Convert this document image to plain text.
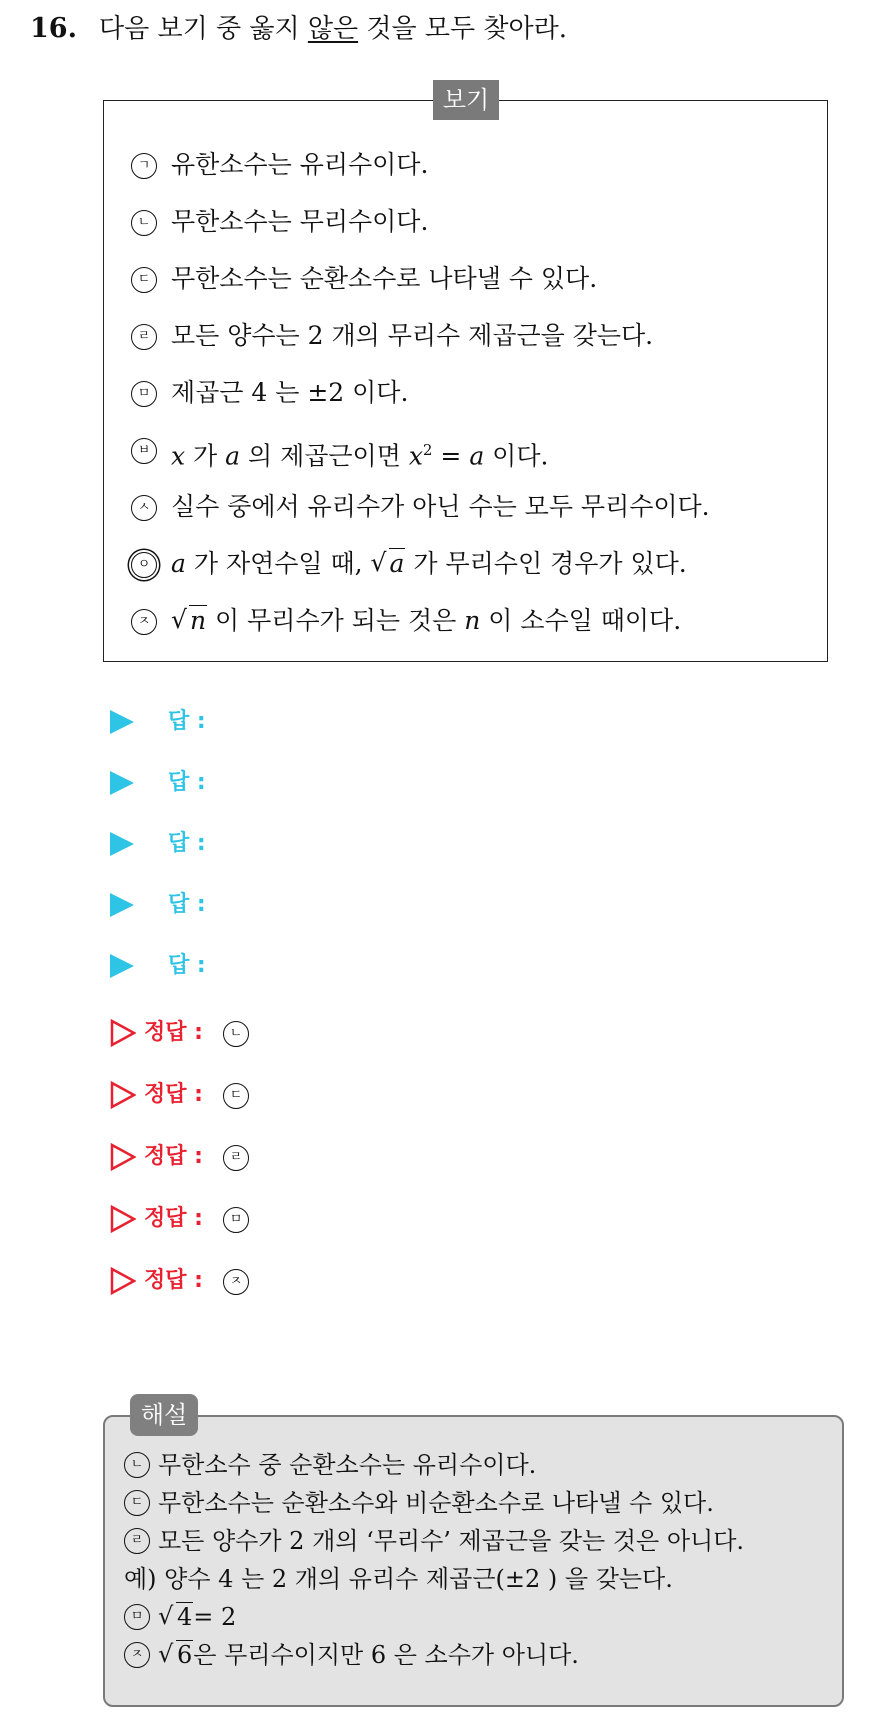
16. 다음 보기 중 옳지 않은 것을 모두 찾아라.
보기
ㄱ 유한소수는 유리수이다.
ㄴ 무한소수는 무리수이다.
ㄷ 무한소수는 순환소수로 나타낼 수 있다.
ㄹ 모든 양수는 2 개의 무리수 제곱근을 갖는다.
ㅁ 제곱근 4 는 ±2 이다.
ㅂ x 가 a 의 제곱근이면 $x^2 = a$ 이다.
ㅅ 실수 중에서 유리수가 아닌 수는 모두 무리수이다.
ㅇ a 가 자연수일 때, √ a 가 무리수인 경우가 있다.
ㅈ	√ n 이 무리수가 되는 것은 n 이 소수일 때이다.
답 :
답 :
답 :
답 :
답 :
정답 :	ㄴ
정답 :	ㄷ
정답 :	ㄹ
정답 :	ㅁ
정답 :	ㅈ
해설
ㄴ 무한소수 중 순환소수는 유리수이다.
ㄷ 무한소수는 순환소수와 비순환소수로 나타낼 수 있다.
ㄹ 모든 양수가 2 개의 ‘무리수’ 제곱근을 갖는 것은 아니다.
예) 양수 4 는 2 개의 유리수 제곱근(±2 ) 을 갖는다.
ㅁ	√ 4 = 2
ㅈ	√ 6 은 무리수이지만 6 은 소수가 아니다.
